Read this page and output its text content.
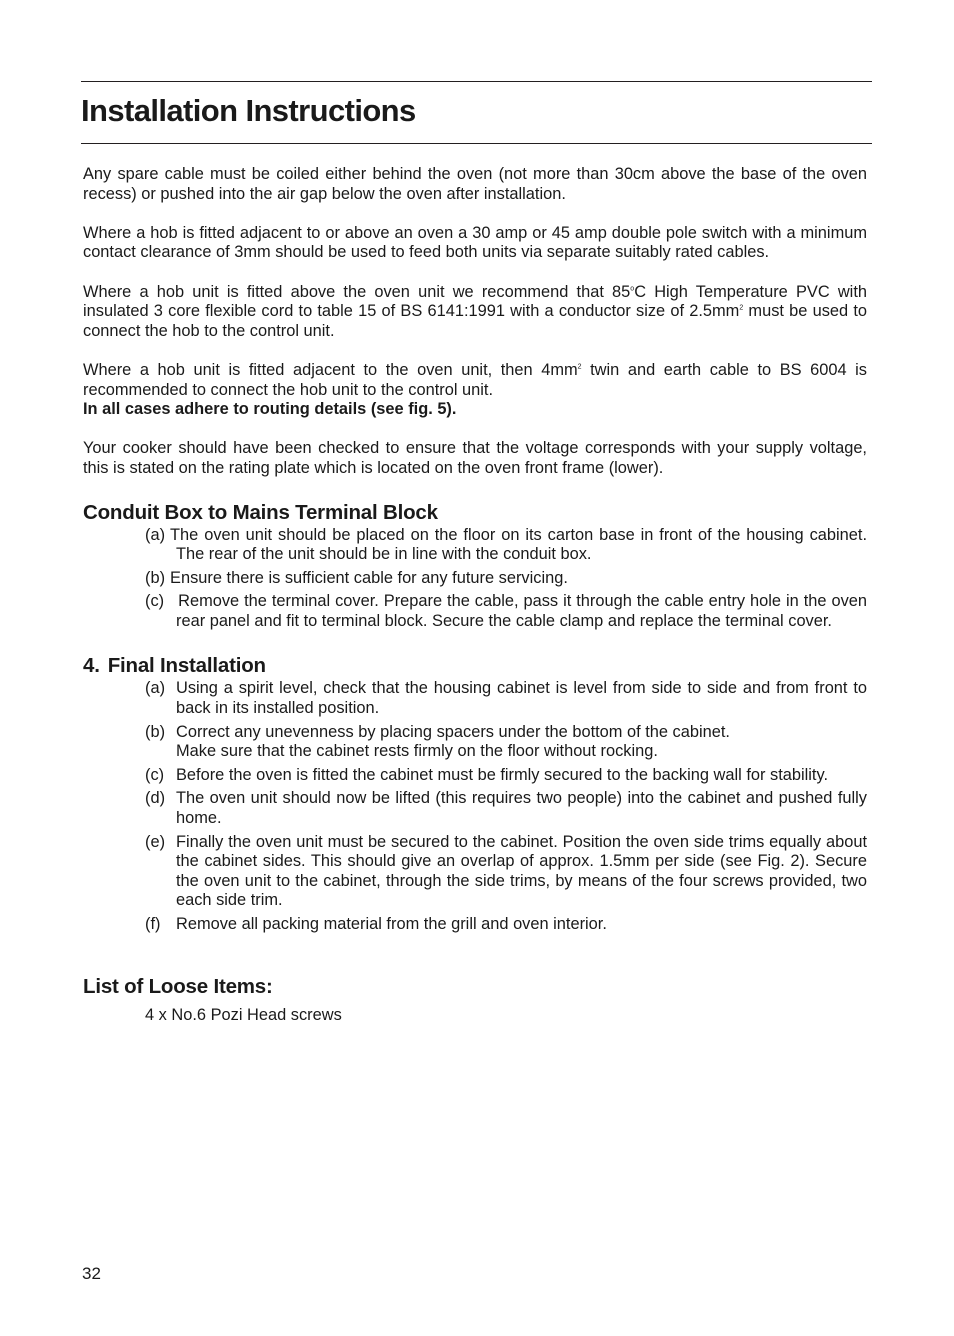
Installation Instructions

Any spare cable must be coiled either behind the oven (not more than 30cm above the base of the oven recess) or pushed into the air gap below the oven after installation.

Where a hob is fitted adjacent to or above an oven a 30 amp or 45 amp double pole switch with a minimum contact clearance of 3mm should be used to feed both units via separate suitably rated cables.

Where a hob unit is fitted above the oven unit we recommend that 85$^o$C High Temperature PVC with insulated 3 core flexible cord to table 15 of BS 6141:1991 with a conductor size of $2.5mm^2$ must be used to connect the hob to the control unit.

Where a hob unit is fitted adjacent to the oven unit, then $4mm^2$ twin and earth cable to BS 6004 is recommended to connect the hob unit to the control unit.
In all cases adhere to routing details (see fig. 5).

Your cooker should have been checked to ensure that the voltage corresponds with your supply voltage, this is stated on the rating plate which is located on the oven front frame (lower).

Conduit Box to Mains Terminal Block
(a) The oven unit should be placed on the floor on its carton base in front of the housing cabinet. The rear of the unit should be in line with the conduit box.
(b) Ensure there is sufficient cable for any future servicing.
(c) Remove the terminal cover. Prepare the cable, pass it through the cable entry hole in the oven rear panel and fit to terminal block. Secure the cable clamp and replace the terminal cover.
4. Final Installation
(a) Using a spirit level, check that the housing cabinet is level from side to side and from front to back in its installed position.
(b) Correct any unevenness by placing spacers under the bottom of the cabinet.
Make sure that the cabinet rests firmly on the floor without rocking.
(c) Before the oven is fitted the cabinet must be firmly secured to the backing wall for stability.
(d) The oven unit should now be lifted (this requires two people) into the cabinet and pushed fully home.
(e) Finally the oven unit must be secured to the cabinet. Position the oven side trims equally about the cabinet sides. This should give an overlap of approx. 1.5mm per side (see Fig. 2). Secure the oven unit to the cabinet, through the side trims, by means of the four screws provided, two each side trim.
(f) Remove all packing material from the grill and oven interior.
List of Loose Items:
4 x No.6 Pozi Head screws
32
